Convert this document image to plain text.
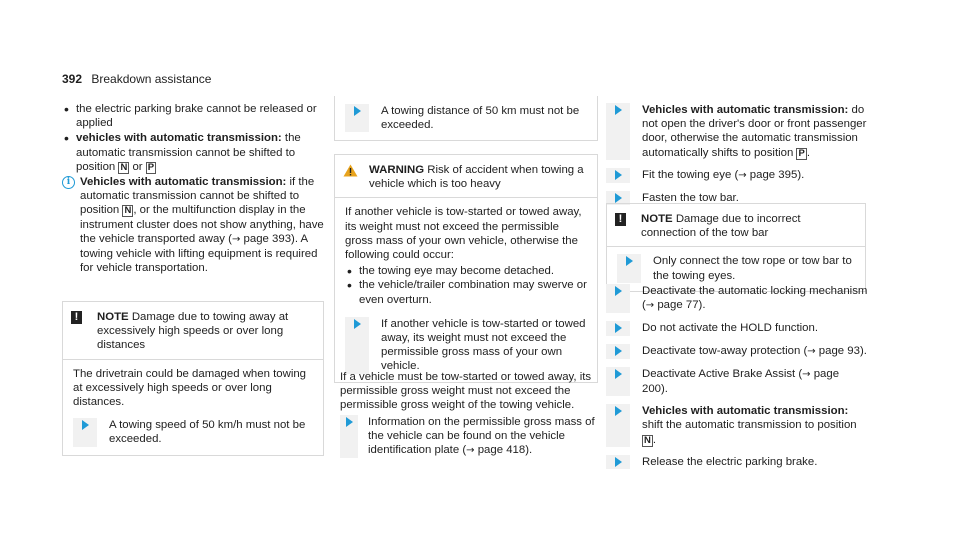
392 Breakdown assistance
• the electric parking brake cannot be released or applied
• vehicles with automatic transmission: the automatic transmission cannot be shifted to position N or P
i Vehicles with automatic transmission: if the automatic transmission cannot be shifted to position N , or the multifunction display in the instrument cluster does not show anything, have the vehicle transported away (→ page 393). A towing vehicle with lifting equipment is required for vehicle transportation.
!	NOTE Damage due to towing away at excessively high speeds or over long distances

The drivetrain could be damaged when towing at excessively high speeds or over long distances.

A towing speed of 50 km/h must not be exceeded.

A towing distance of 50 km must not be exceeded.

WARNING Risk of accident when towing a vehicle which is too heavy

If another vehicle is tow-started or towed away, its weight must not exceed the permissible gross mass of your own vehicle, otherwise the following could occur:

• the towing eye may become detached.
• the vehicle/trailer combination may swerve or even overturn.

If another vehicle is tow-started or towed away, its weight must not exceed the permissible gross mass of your own vehicle.

If a vehicle must be tow-started or towed away, its permissible gross weight must not exceed the permissible gross weight of the towing vehicle.

Information on the permissible gross mass of the vehicle can be found on the vehicle identification plate (→ page 418).

Vehicles with automatic transmission: do not open the driver's door or front passenger door, otherwise the automatic transmission automatically shifts to position P .

Fit the towing eye (→ page 395).

Fasten the tow bar.

!	NOTE Damage due to incorrect connection of the tow bar

Only connect the tow rope or tow bar to the towing eyes.

Deactivate the automatic locking mechanism (→ page 77).

Do not activate the HOLD function.

Deactivate tow-away protection (→ page 93).

Deactivate Active Brake Assist (→ page 200).

Vehicles with automatic transmission: shift the automatic transmission to position N .

Release the electric parking brake.
